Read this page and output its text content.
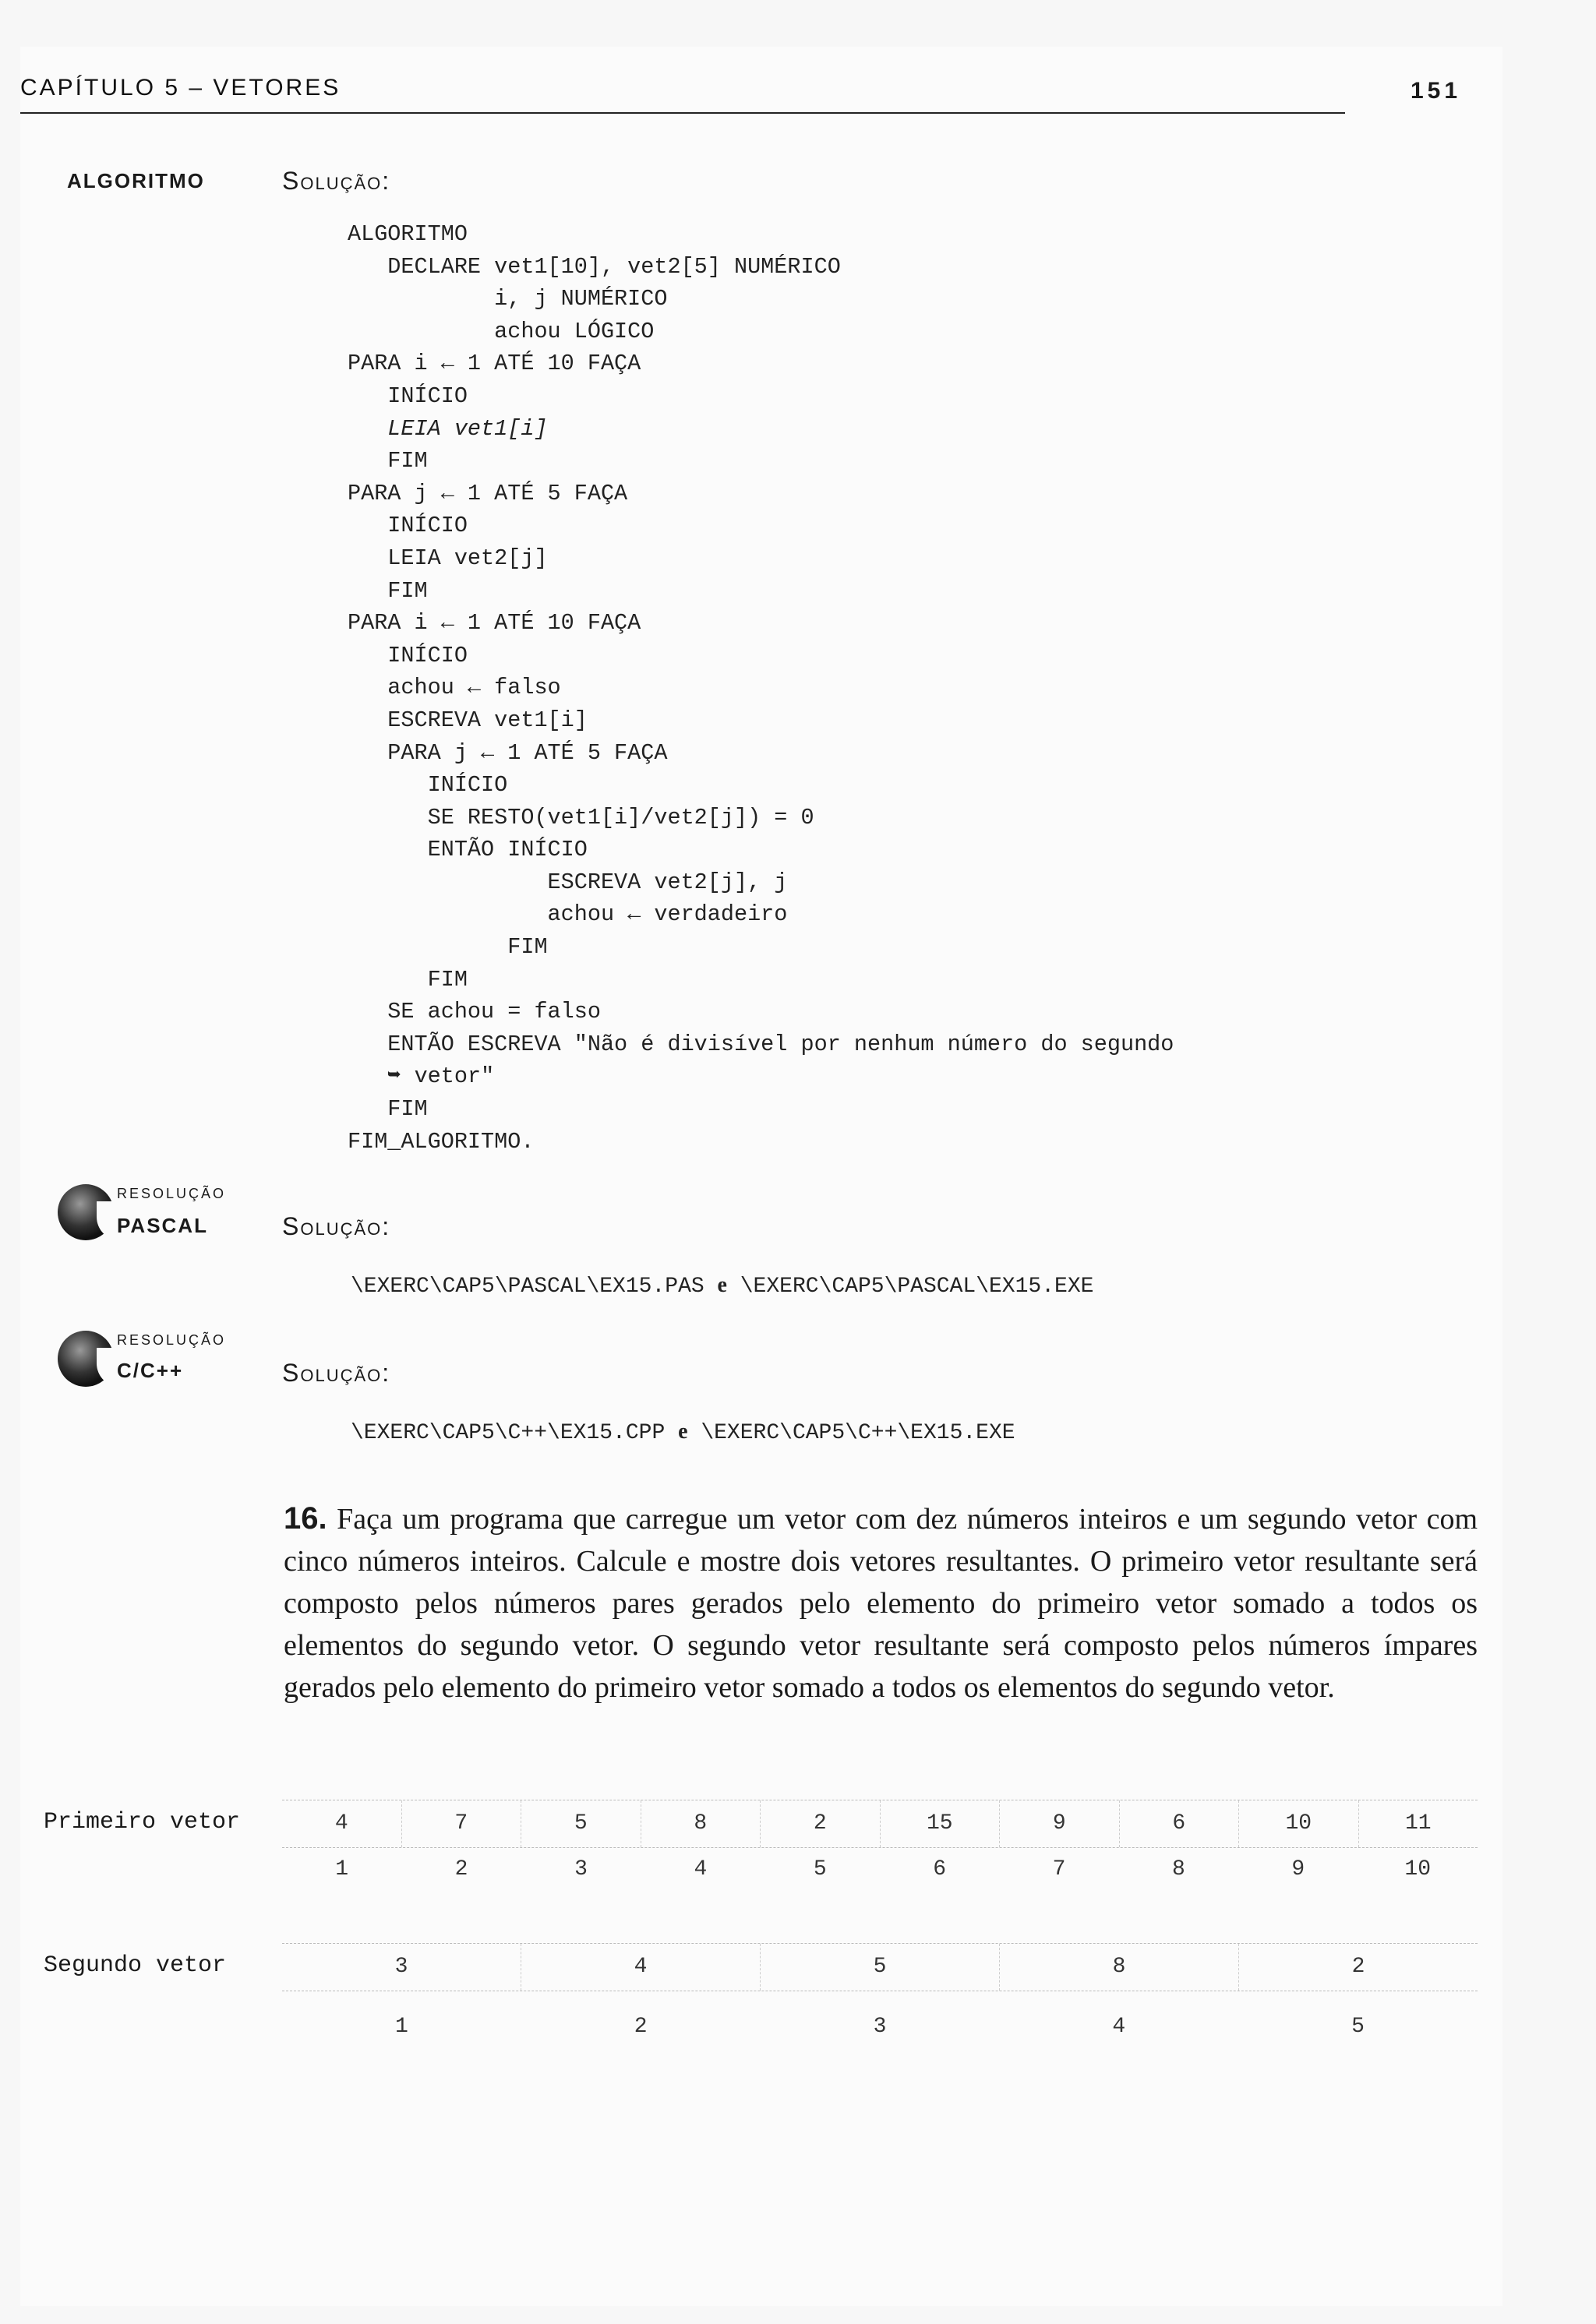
CAPÍTULO 5 – VETORES	151
ALGORITMO	Solução:
ALGORITMO
DECLARE vet1[10], vet2[5] NUMÉRICO
i, j NUMÉRICO
achou LÓGICO
PARA i ← 1 ATÉ 10 FAÇA
INÍCIO
LEIA vet1[i]
FIM
PARA j ← 1 ATÉ 5 FAÇA
INÍCIO
LEIA vet2[j]
FIM
PARA i ← 1 ATÉ 10 FAÇA
INÍCIO
achou ← falso
ESCREVA vet1[i]
PARA j ← 1 ATÉ 5 FAÇA
INÍCIO
SE RESTO(vet1[i]/vet2[j]) = 0
ENTÃO INÍCIO
ESCREVA vet2[j], j
achou ← verdadeiro
FIM
FIM
SE achou = falso
ENTÃO ESCREVA "Não é divisível por nenhum número do segundo
➥ vetor"
FIM
FIM_ALGORITMO.
RESOLUÇÃO
PASCAL	Solução:
\EXERC\CAP5\PASCAL\EX15.PAS e \EXERC\CAP5\PASCAL\EX15.EXE
RESOLUÇÃO
C/C++	Solução:
\EXERC\CAP5\C++\EX15.CPP e \EXERC\CAP5\C++\EX15.EXE
16. Faça um programa que carregue um vetor com dez números inteiros e um segundo vetor com cinco números inteiros. Calcule e mostre dois vetores resultantes. O primeiro vetor resultante será composto pelos números pares gerados pelo elemento do primeiro vetor somado a todos os elementos do segundo vetor. O segundo vetor resultante será composto pelos números ímpares gerados pelo elemento do primeiro vetor somado a todos os elementos do segundo vetor.
Primeiro vetor	4	7	5	8	2	15	9	6	10	11
1	2	3	4	5	6	7	8	9	10
Segundo vetor	3	4	5	8	2
1	2	3	4	5
